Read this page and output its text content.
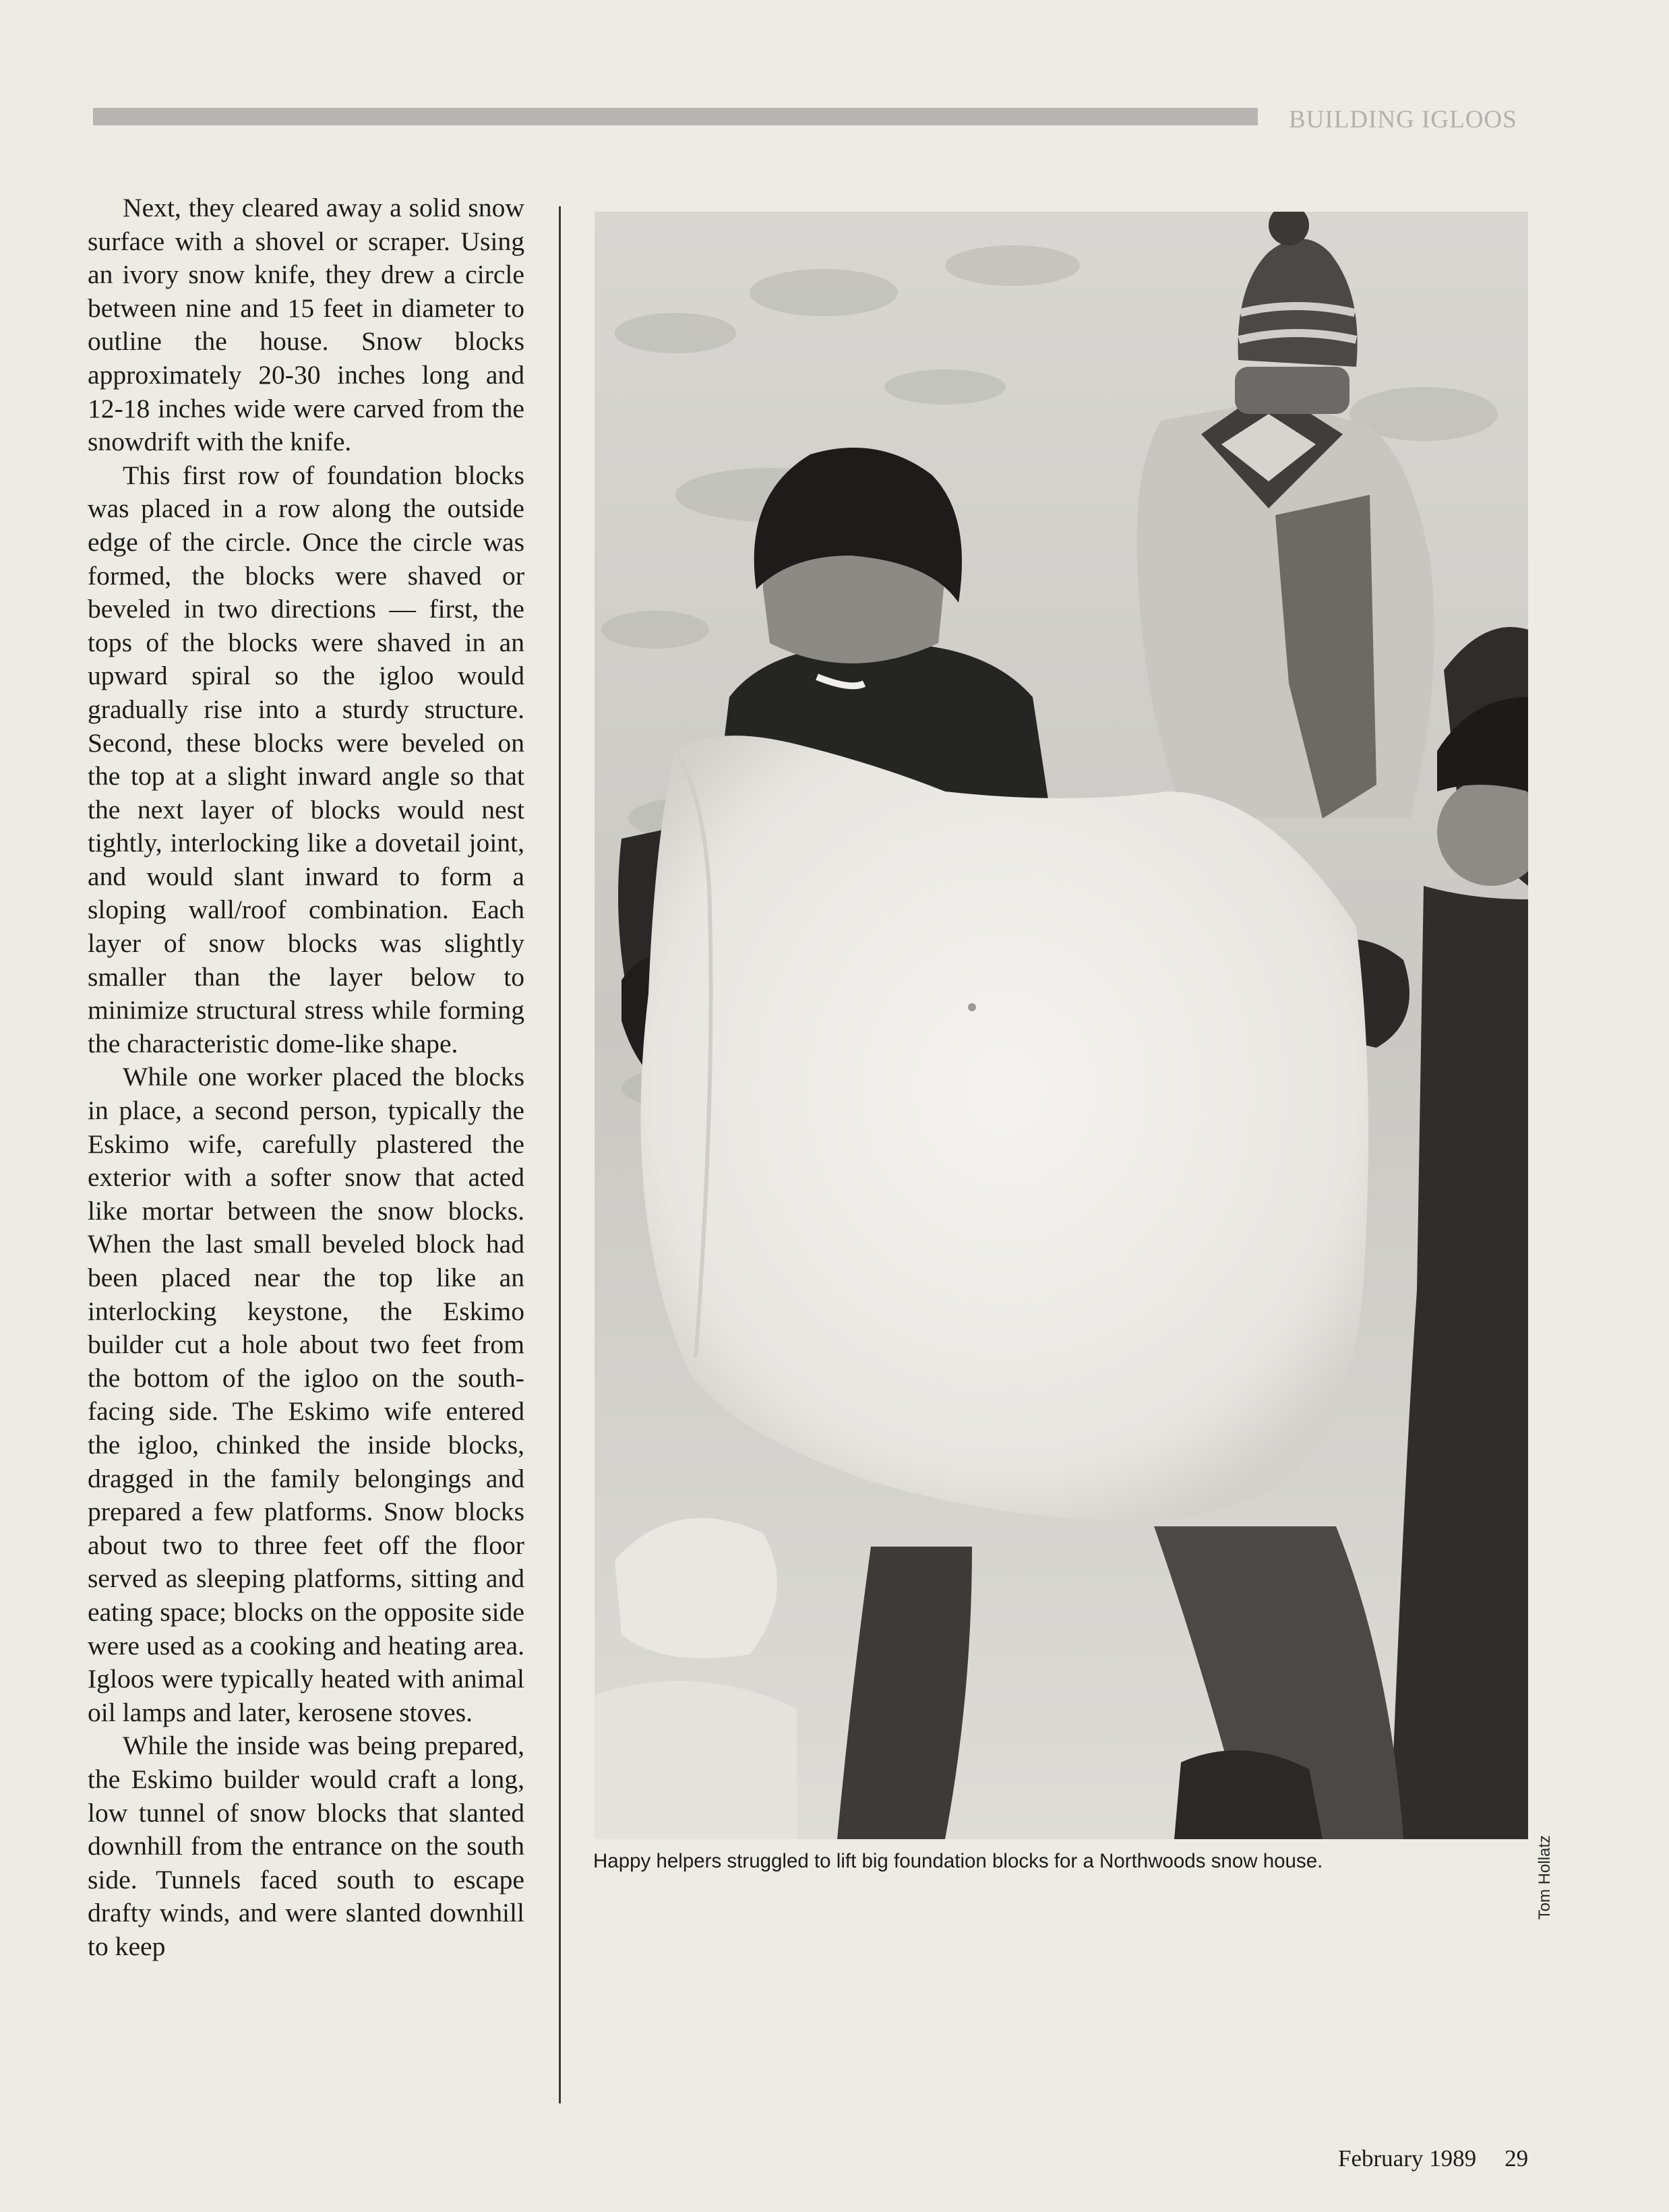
BUILDING IGLOOS

Next, they cleared away a solid snow surface with a shovel or scraper. Using an ivory snow knife, they drew a circle between nine and 15 feet in diameter to outline the house. Snow blocks approximately 20-30 inches long and 12-18 inches wide were carved from the snowdrift with the knife.

This first row of foundation blocks was placed in a row along the outside edge of the circle. Once the circle was formed, the blocks were shaved or beveled in two directions — first, the tops of the blocks were shaved in an upward spiral so the igloo would gradually rise into a sturdy structure. Second, these blocks were beveled on the top at a slight inward angle so that the next layer of blocks would nest tightly, interlocking like a dovetail joint, and would slant inward to form a sloping wall/roof combination. Each layer of snow blocks was slightly smaller than the layer below to minimize structural stress while forming the characteristic dome-like shape.

While one worker placed the blocks in place, a second person, typically the Eskimo wife, carefully plastered the exterior with a softer snow that acted like mortar between the snow blocks. When the last small beveled block had been placed near the top like an interlocking keystone, the Eskimo builder cut a hole about two feet from the bottom of the igloo on the south-facing side. The Eskimo wife entered the igloo, chinked the inside blocks, dragged in the family belongings and prepared a few platforms. Snow blocks about two to three feet off the floor served as sleeping platforms, sitting and eating space; blocks on the opposite side were used as a cooking and heating area. Igloos were typically heated with animal oil lamps and later, kerosene stoves.

While the inside was being prepared, the Eskimo builder would craft a long, low tunnel of snow blocks that slanted downhill from the entrance on the south side. Tunnels faced south to escape drafty winds, and were slanted downhill to keep

Tom Hollatz
Happy helpers struggled to lift big foundation blocks for a Northwoods snow house.
February 1989 29
